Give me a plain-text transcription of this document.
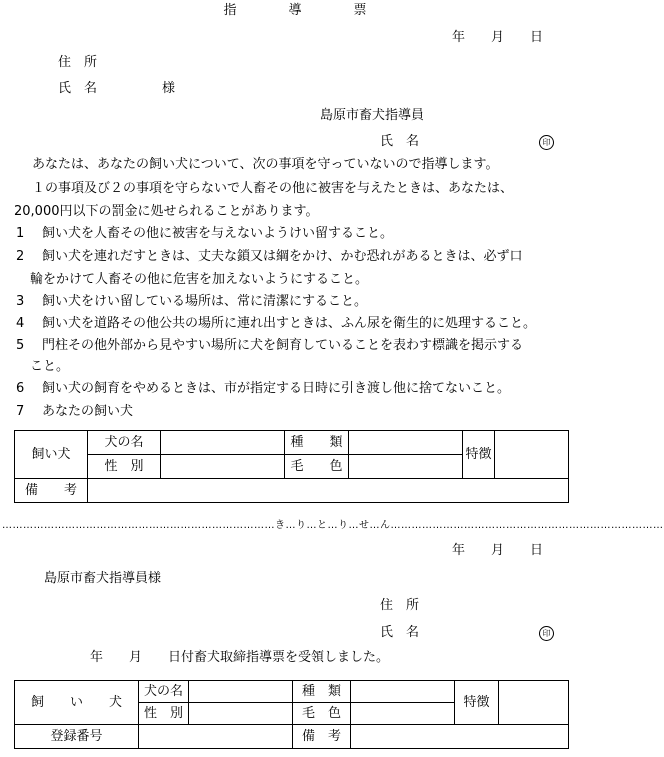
指　　　　導　　　　票
年　　月　　日
住　所
氏　名　　　　　様
島原市畜犬指導員
氏　名	印
あなたは、あなたの飼い犬について、次の事項を守っていないので指導します。
１の事項及び２の事項を守らないで人畜その他に被害を与えたときは、あなたは、
20,000円以下の罰金に処せられることがあります。
1 飼い犬を人畜その他に被害を与えないようけい留すること。
2 飼い犬を連れだすときは、丈夫な鎖又は綱をかけ、かむ恐れがあるときは、必ず口
輪をかけて人畜その他に危害を加えないようにすること。
3 飼い犬をけい留している場所は、常に清潔にすること。
4 飼い犬を道路その他公共の場所に連れ出すときは、ふん尿を衛生的に処理すること。
5 門柱その他外部から見やすい場所に犬を飼育していることを表わす標識を掲示する
こと。
6 飼い犬の飼育をやめるときは、市が指定する日時に引き渡し他に捨てないこと。
7 あなたの飼い犬
飼い犬	犬の名		種　　類		特徴	
	性　別		毛　　色			
備　　考						
……………………………………………………………………き…り…と…り…せ…ん……………………………………………………………………
年　　月　　日
島原市畜犬指導員様
住　所
氏　名	印
年　　月　　日付畜犬取締指導票を受領しました。
飼　　い　　犬	犬の名		種　類		特徴	
	性　別		毛　色			
登録番号			備　考			
